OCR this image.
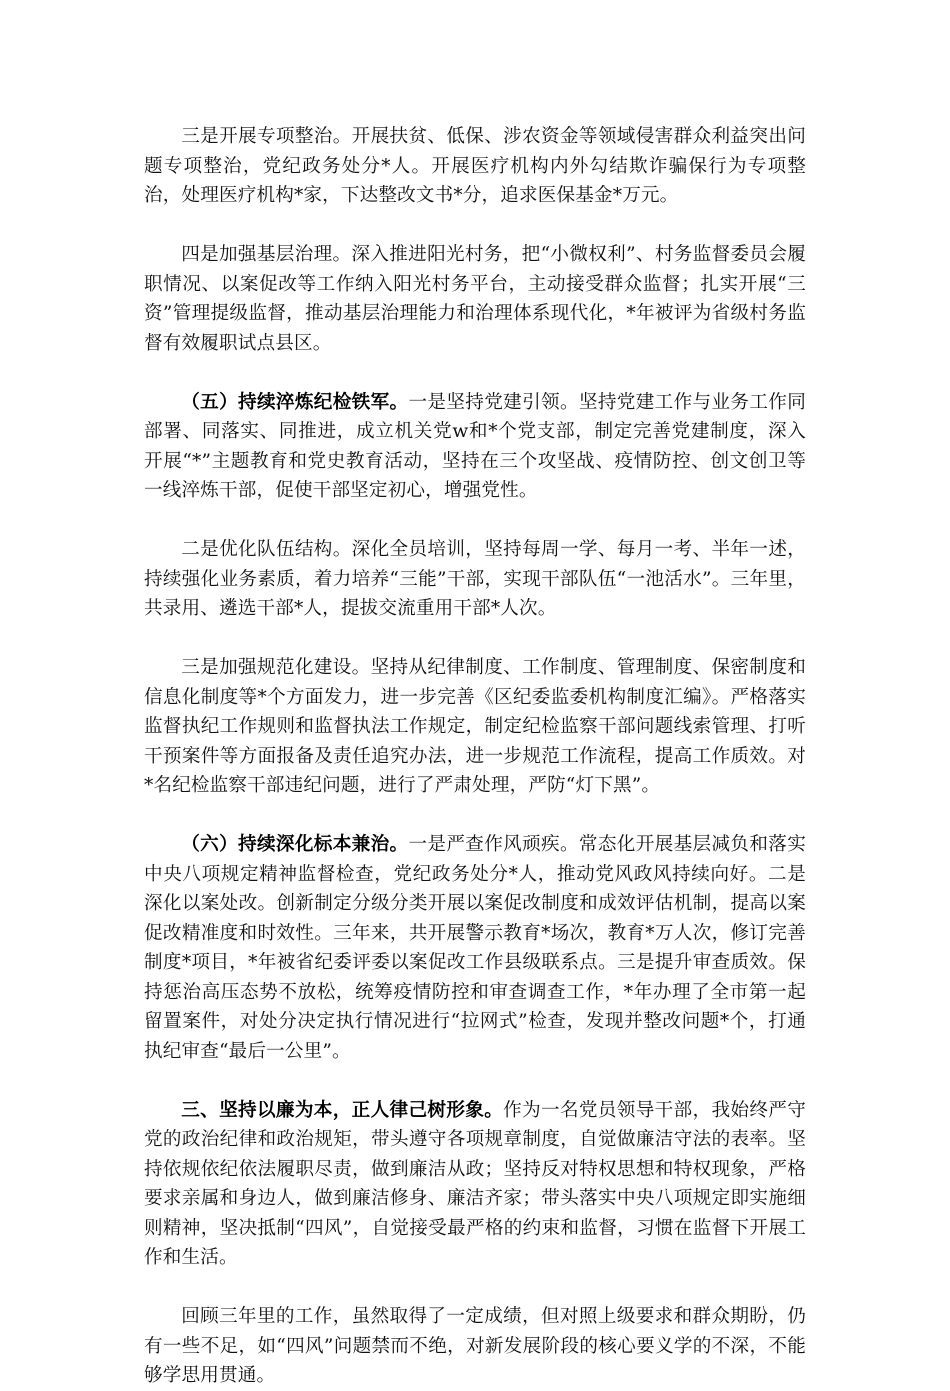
三是开展专项整治。开展扶贫、低保、涉农资金等领域侵害群众利益突出问题专项整治，党纪政务处分*人。开展医疗机构内外勾结欺诈骗保行为专项整治，处理医疗机构*家，下达整改文书*分，追求医保基金*万元。

四是加强基层治理。深入推进阳光村务，把“小微权利”、村务监督委员会履职情况、以案促改等工作纳入阳光村务平台，主动接受群众监督；扎实开展“三资”管理提级监督，推动基层治理能力和治理体系现代化，*年被评为省级村务监督有效履职试点县区。

（五）持续淬炼纪检铁军。一是坚持党建引领。坚持党建工作与业务工作同部署、同落实、同推进，成立机关党w和*个党支部，制定完善党建制度，深入开展“*”主题教育和党史教育活动，坚持在三个攻坚战、疫情防控、创文创卫等一线淬炼干部，促使干部坚定初心，增强党性。

二是优化队伍结构。深化全员培训，坚持每周一学、每月一考、半年一述，持续强化业务素质，着力培养“三能”干部，实现干部队伍“一池活水”。三年里，共录用、遴选干部*人，提拔交流重用干部*人次。

三是加强规范化建设。坚持从纪律制度、工作制度、管理制度、保密制度和信息化制度等*个方面发力，进一步完善《区纪委监委机构制度汇编》。严格落实监督执纪工作规则和监督执法工作规定，制定纪检监察干部问题线索管理、打听干预案件等方面报备及责任追究办法，进一步规范工作流程，提高工作质效。对*名纪检监察干部违纪问题，进行了严肃处理，严防“灯下黑”。

（六）持续深化标本兼治。一是严查作风顽疾。常态化开展基层减负和落实中央八项规定精神监督检查，党纪政务处分*人，推动党风政风持续向好。二是深化以案处改。创新制定分级分类开展以案促改制度和成效评估机制，提高以案促改精准度和时效性。三年来，共开展警示教育*场次，教育*万人次，修订完善制度*项目，*年被省纪委评委以案促改工作县级联系点。三是提升审查质效。保持惩治高压态势不放松，统筹疫情防控和审查调查工作，*年办理了全市第一起留置案件，对处分决定执行情况进行“拉网式”检查，发现并整改问题*个，打通执纪审查“最后一公里”。

三、坚持以廉为本，正人律己树形象。作为一名党员领导干部，我始终严守党的政治纪律和政治规矩，带头遵守各项规章制度，自觉做廉洁守法的表率。坚持依规依纪依法履职尽责，做到廉洁从政；坚持反对特权思想和特权现象，严格要求亲属和身边人，做到廉洁修身、廉洁齐家；带头落实中央八项规定即实施细则精神，坚决抵制“四风”，自觉接受最严格的约束和监督，习惯在监督下开展工作和生活。

回顾三年里的工作，虽然取得了一定成绩，但对照上级要求和群众期盼，仍有一些不足，如“四风”问题禁而不绝，对新发展阶段的核心要义学的不深，不能够学思用贯通。
